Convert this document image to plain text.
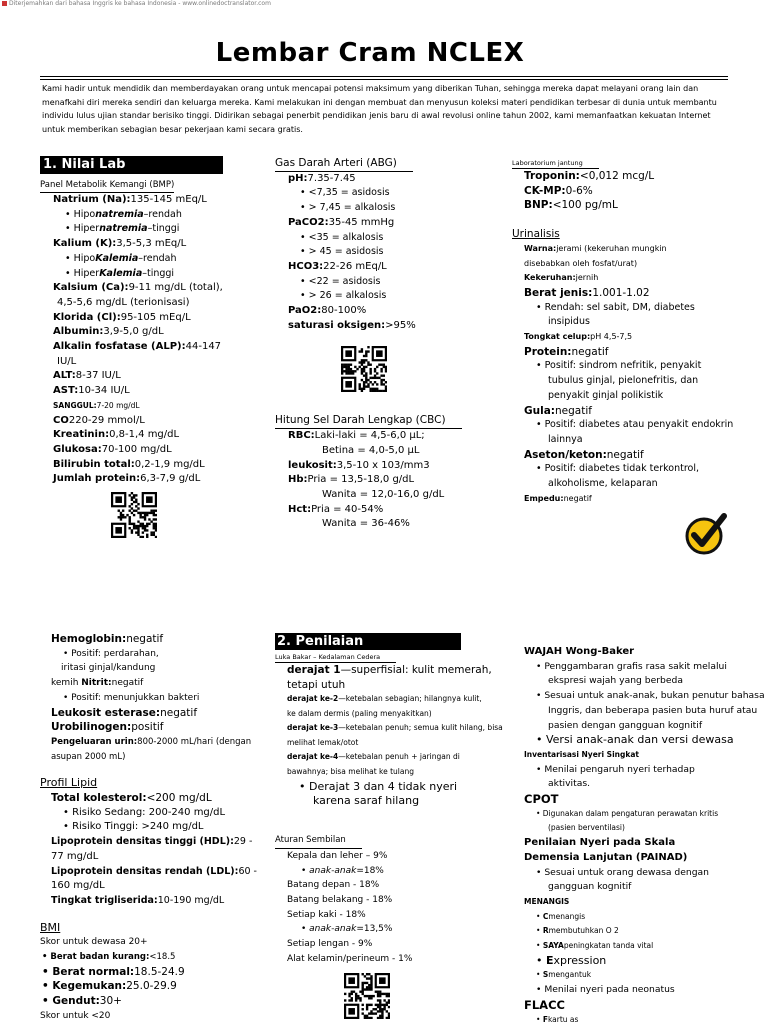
Diterjemahkan dari bahasa Inggris ke bahasa Indonesia - www.onlinedoctranslator.com
Lembar Cram NCLEX
Kami hadir untuk mendidik dan memberdayakan orang untuk mencapai potensi maksimum yang diberikan Tuhan, sehingga mereka dapat melayani orang lain dan menafkahi diri mereka sendiri dan keluarga mereka. Kami melakukan ini dengan membuat dan menyusun koleksi materi pendidikan terbesar di dunia untuk membantu individu lulus ujian standar berisiko tinggi. Didirikan sebagai penerbit pendidikan jenis baru di awal revolusi online tahun 2002, kami memanfaatkan kekuatan Internet untuk memberikan sebagian besar pekerjaan kami secara gratis.
1. Nilai Lab
Panel Metabolik Kemangi (BMP)
Natrium (Na):135-145 mEq/L
• Hiponatremia–rendah
• Hipernatremia–tinggi
Kalium (K):3,5-5,3 mEq/L
• HipoKalemia–rendah
• HiperKalemia–tinggi
Kalsium (Ca):9-11 mg/dL (total),
4,5-5,6 mg/dL (terionisasi)
Klorida (Cl):95-105 mEq/L
Albumin:3,9-5,0 g/dL
Alkalin fosfatase (ALP):44-147
IU/L
ALT:8-37 IU/L
AST:10-34 IU/L
SANGGUL:7-20 mg/dL
CO220-29 mmol/L
Kreatinin:0,8-1,4 mg/dL
Glukosa:70-100 mg/dL
Bilirubin total:0,2-1,9 mg/dL
Jumlah protein:6,3-7,9 g/dL
Gas Darah Arteri (ABG)
pH:7.35-7.45
• <7,35 = asidosis
• > 7,45 = alkalosis
PaCO2:35-45 mmHg
• <35 = alkalosis
• > 45 = asidosis
HCO3:22-26 mEq/L
• <22 = asidosis
• > 26 = alkalosis
PaO2:80-100%
saturasi oksigen:>95%
Hitung Sel Darah Lengkap (CBC)
RBC:Laki-laki = 4,5-6,0 µL;
Betina = 4,0-5,0 µL
leukosit:3,5-10 x 103/mm3
Hb:Pria = 13,5-18,0 g/dL
Wanita = 12,0-16,0 g/dL
Hct:Pria = 40-54%
Wanita = 36-46%
Laboratorium jantung
Troponin:<0,012 mcg/L
CK-MP:0-6%
BNP:<100 pg/mL
Urinalisis
Warna:jerami (kekeruhan mungkin
disebabkan oleh fosfat/urat)
Kekeruhan:jernih
Berat jenis:1.001-1.02
• Rendah: sel sabit, DM, diabetes
insipidus
Tongkat celup:pH 4,5-7,5
Protein:negatif
• Positif: sindrom nefritik, penyakit
tubulus ginjal, pielonefritis, dan
penyakit ginjal polikistik
Gula:negatif
• Positif: diabetes atau penyakit endokrin
lainnya
Aseton/keton:negatif
• Positif: diabetes tidak terkontrol,
alkoholisme, kelaparan
Empedu:negatif
Hemoglobin:negatif
• Positif: perdarahan,
iritasi ginjal/kandung
kemih Nitrit:negatif
• Positif: menunjukkan bakteri
Leukosit esterase:negatif
Urobilinogen:positif
Pengeluaran urin:800-2000 mL/hari (dengan
asupan 2000 mL)
Profil Lipid
Total kolesterol:<200 mg/dL
• Risiko Sedang: 200-240 mg/dL
• Risiko Tinggi: >240 mg/dL
Lipoprotein densitas tinggi (HDL):29 -
77 mg/dL
Lipoprotein densitas rendah (LDL):60 -
160 mg/dL
Tingkat trigliserida:10-190 mg/dL
BMI
Skor untuk dewasa 20+
• Berat badan kurang:<18.5
• Berat normal:18.5-24.9
• Kegemukan:25.0-29.9
• Gendut:30+
Skor untuk <20
2. Penilaian
Luka Bakar – Kedalaman Cedera
derajat 1—superfisial: kulit memerah,
tetapi utuh
derajat ke-2—ketebalan sebagian; hilangnya kulit,
ke dalam dermis (paling menyakitkan)
derajat ke-3—ketebalan penuh; semua kulit hilang, bisa
melihat lemak/otot
derajat ke-4—ketebalan penuh + jaringan di
bawahnya; bisa melihat ke tulang
• Derajat 3 dan 4 tidak nyeri
karena saraf hilang
Aturan Sembilan
Kepala dan leher – 9%
• anak-anak=18%
Batang depan - 18%
Batang belakang - 18%
Setiap kaki - 18%
• anak-anak=13,5%
Setiap lengan - 9%
Alat kelamin/perineum - 1%
WAJAH Wong-Baker
• Penggambaran grafis rasa sakit melalui
ekspresi wajah yang berbeda
• Sesuai untuk anak-anak, bukan penutur bahasa
Inggris, dan beberapa pasien buta huruf atau
pasien dengan gangguan kognitif
• Versi anak-anak dan versi dewasa
Inventarisasi Nyeri Singkat
• Menilai pengaruh nyeri terhadap
aktivitas.
CPOT
• Digunakan dalam pengaturan perawatan kritis
(pasien berventilasi)
Penilaian Nyeri pada Skala
Demensia Lanjutan (PAINAD)
• Sesuai untuk orang dewasa dengan
gangguan kognitif
MENANGIS
• Cmenangis
• Rmembutuhkan O 2
• SAYApeningkatan tanda vital
• Expression
• Smengantuk
• Menilai nyeri pada neonatus
FLACC
• Fkartu as
